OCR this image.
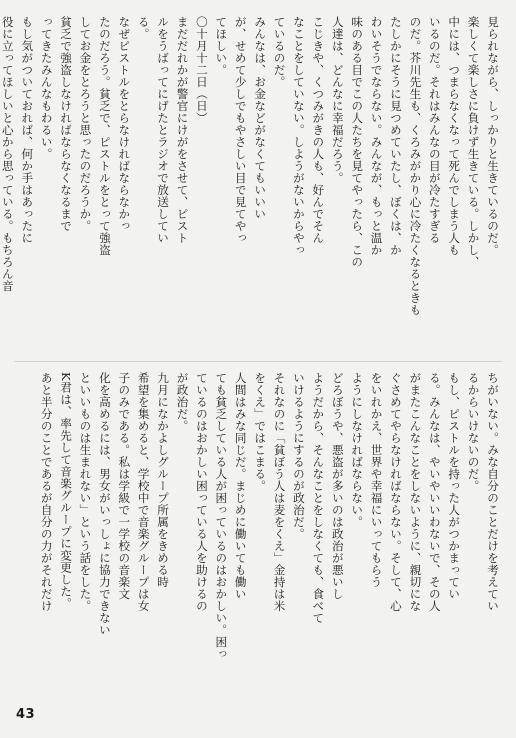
見られながら、しっかりと生きているのだ。
楽しくて楽しさに負けず生きている。しかし、
中には、つまらなくなって死んでしまう人も
いるのだ。それはみんなの目が冷たすぎる
のだ。芥川先生も、くろみがかり心に冷たくなるときも
たしかにそうに見つめていたし、ぼくは、か
わいそうでならない。みんなが、もっと温か
味のある目でこの人たちを見てやったら、この
人達は、どんなに幸福だろう。
こじきや、くつみがきの人も、好んでそん
なことをしていない。しようがないからやっ
ているのだ。
みんなは、お金などがなくてもいいい
が、せめて少しでもやさしい目で見てやっ
てほしい。
〇十月十二日（日）
まだだれかが警官にけがをさせて、ピスト
ルをうばってにげたとラジオで放送してい
る。
なぜピストルをとらなければならなかっ
たのだろう。貧乏で、ピストルをとって強盗
してお金をとろうと思ったのだろうか。
貧乏で強盗しなければならなくなるまで
ってきたみんなもわるい。
もし気がついておれば、何か手はあったに
役に立ってほしいと心から思っている。もちろん音
ちがいない。みな自分のことだけを考えてい
るからいけないのだ。
もし、ピストルを持った人がつかまってい
る。みんなは、やいやいいわないで、その人
がまたこんなことをしないように、親切にな
ぐさめてやらなければならない。そして、心
をいれかえ、世界や幸福にいってもらう
ようにしなければならない。
どろぼうや、悪盗が多いのは政治が悪いし
ようだから、そんなことをしなくても、食べて
いけるようにするのが政治だ。
それなのに「貧ぼう人は麦をくえ」金持は米
をくえ」ではこまる。
人間はみな同じだ。まじめに働いても働い
ても貧乏している人が困っているのはおかしい。困っ
ているのはおかしい困っている人を助けるの
が政治だ。
九月になかよしグループ所属をきめる時
希望を集めると、学校中で音楽グループは女
子のみである。私は学級で一学校の音楽文
化を高めるには、男女がいっしょに協力できない
といいものは生まれない」という話をした。
K君は、率先して音楽グループに変更した。
あと半分のことであるが自分の力がそれだけ
43
